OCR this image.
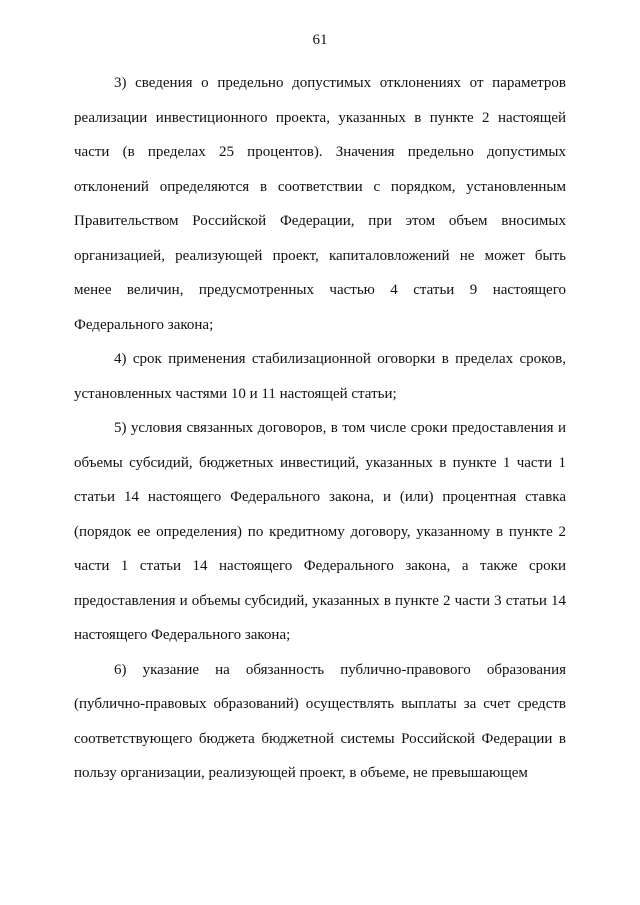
61

3) сведения о предельно допустимых отклонениях от параметров реализации инвестиционного проекта, указанных в пункте 2 настоящей части (в пределах 25 процентов). Значения предельно допустимых отклонений определяются в соответствии с порядком, установленным Правительством Российской Федерации, при этом объем вносимых организацией, реализующей проект, капиталовложений не может быть менее величин, предусмотренных частью 4 статьи 9 настоящего Федерального закона;

4) срок применения стабилизационной оговорки в пределах сроков, установленных частями 10 и 11 настоящей статьи;

5) условия связанных договоров, в том числе сроки предоставления и объемы субсидий, бюджетных инвестиций, указанных в пункте 1 части 1 статьи 14 настоящего Федерального закона, и (или) процентная ставка (порядок ее определения) по кредитному договору, указанному в пункте 2 части 1 статьи 14 настоящего Федерального закона, а также сроки предоставления и объемы субсидий, указанных в пункте 2 части 3 статьи 14 настоящего Федерального закона;

6) указание на обязанность публично-правового образования (публично-правовых образований) осуществлять выплаты за счет средств соответствующего бюджета бюджетной системы Российской Федерации в пользу организации, реализующей проект, в объеме, не превышающем
